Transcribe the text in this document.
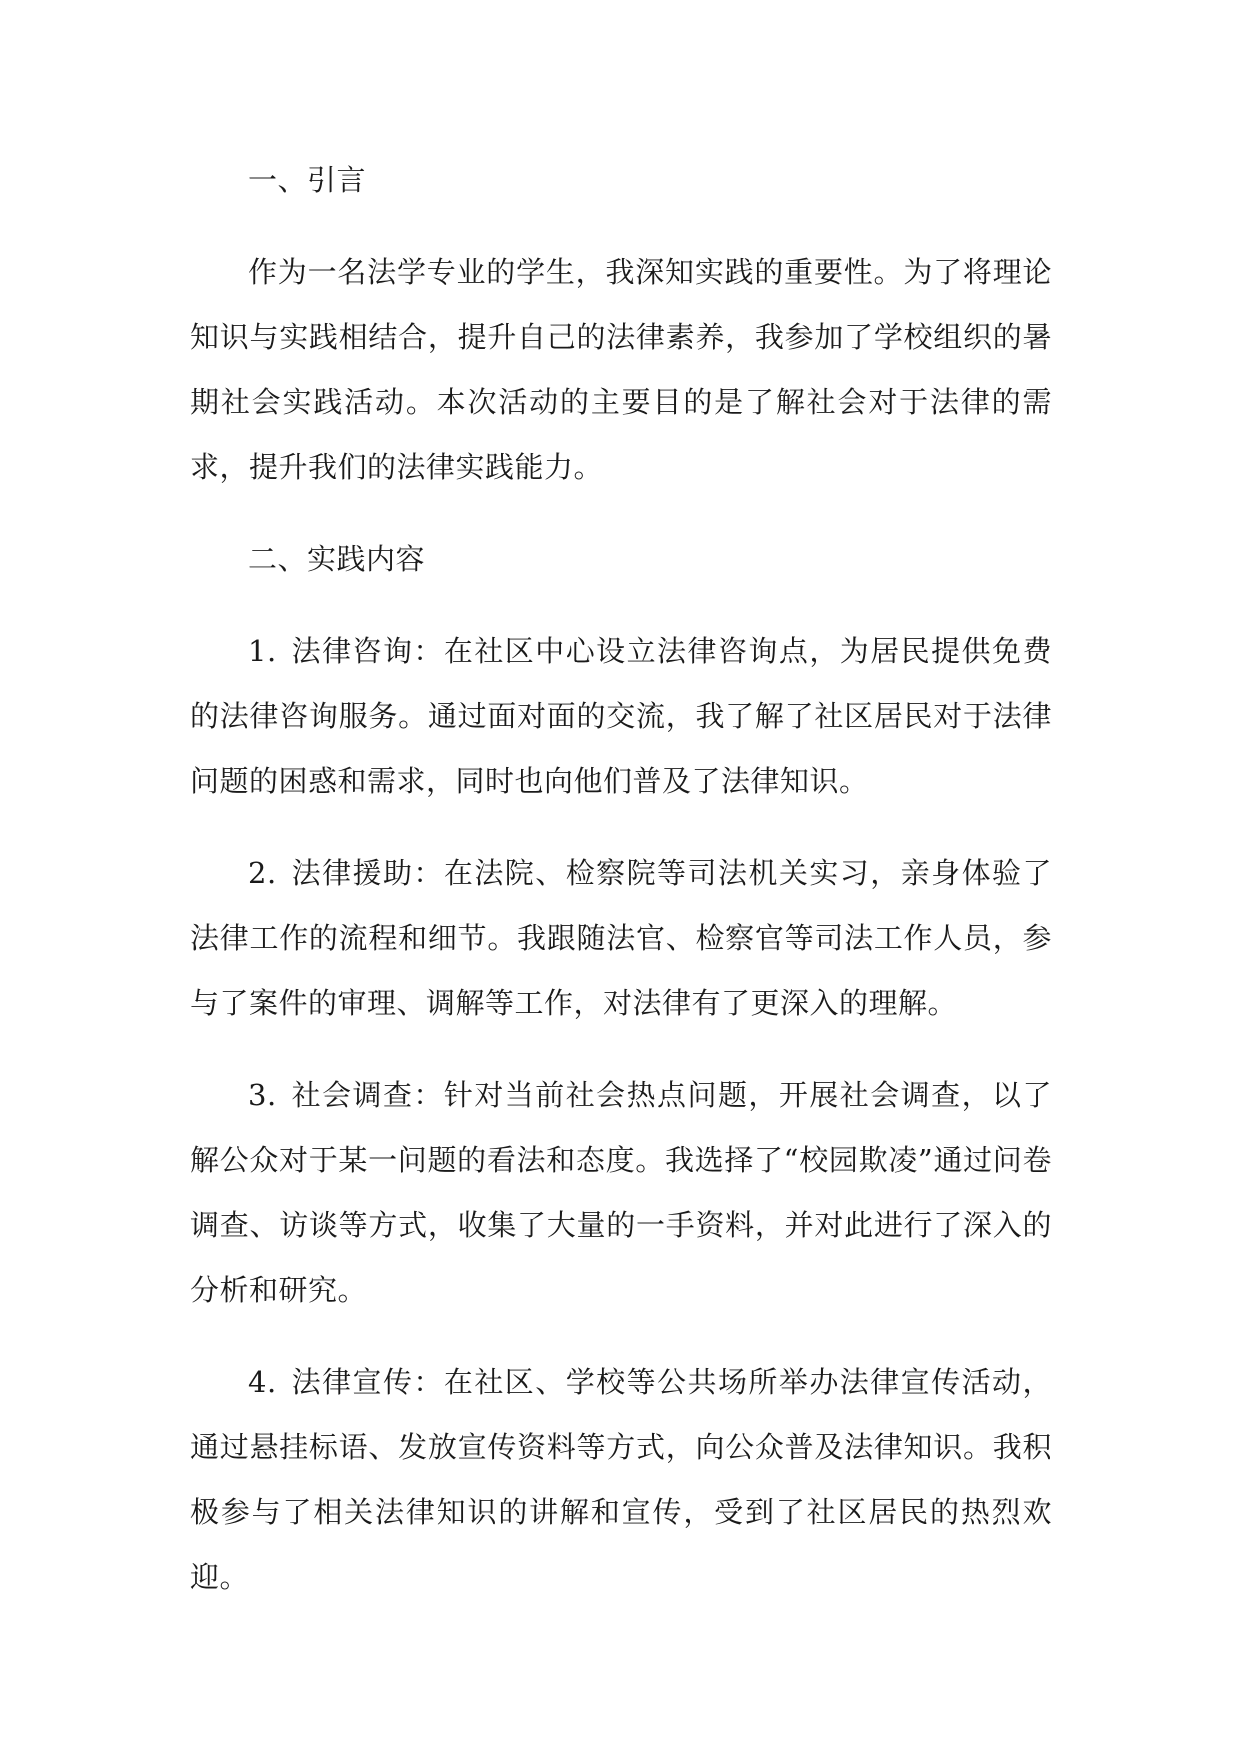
一、引言

作为一名法学专业的学生，我深知实践的重要性。为了将理论知识与实践相结合，提升自己的法律素养，我参加了学校组织的暑期社会实践活动。本次活动的主要目的是了解社会对于法律的需求，提升我们的法律实践能力。

二、实践内容

1. 法律咨询：在社区中心设立法律咨询点，为居民提供免费的法律咨询服务。通过面对面的交流，我了解了社区居民对于法律问题的困惑和需求，同时也向他们普及了法律知识。

2. 法律援助：在法院、检察院等司法机关实习，亲身体验了法律工作的流程和细节。我跟随法官、检察官等司法工作人员，参与了案件的审理、调解等工作，对法律有了更深入的理解。

3. 社会调查：针对当前社会热点问题，开展社会调查，以了解公众对于某一问题的看法和态度。我选择了“校园欺凌”通过问卷调查、访谈等方式，收集了大量的一手资料，并对此进行了深入的分析和研究。

4. 法律宣传：在社区、学校等公共场所举办法律宣传活动，通过悬挂标语、发放宣传资料等方式，向公众普及法律知识。我积极参与了相关法律知识的讲解和宣传，受到了社区居民的热烈欢迎。
